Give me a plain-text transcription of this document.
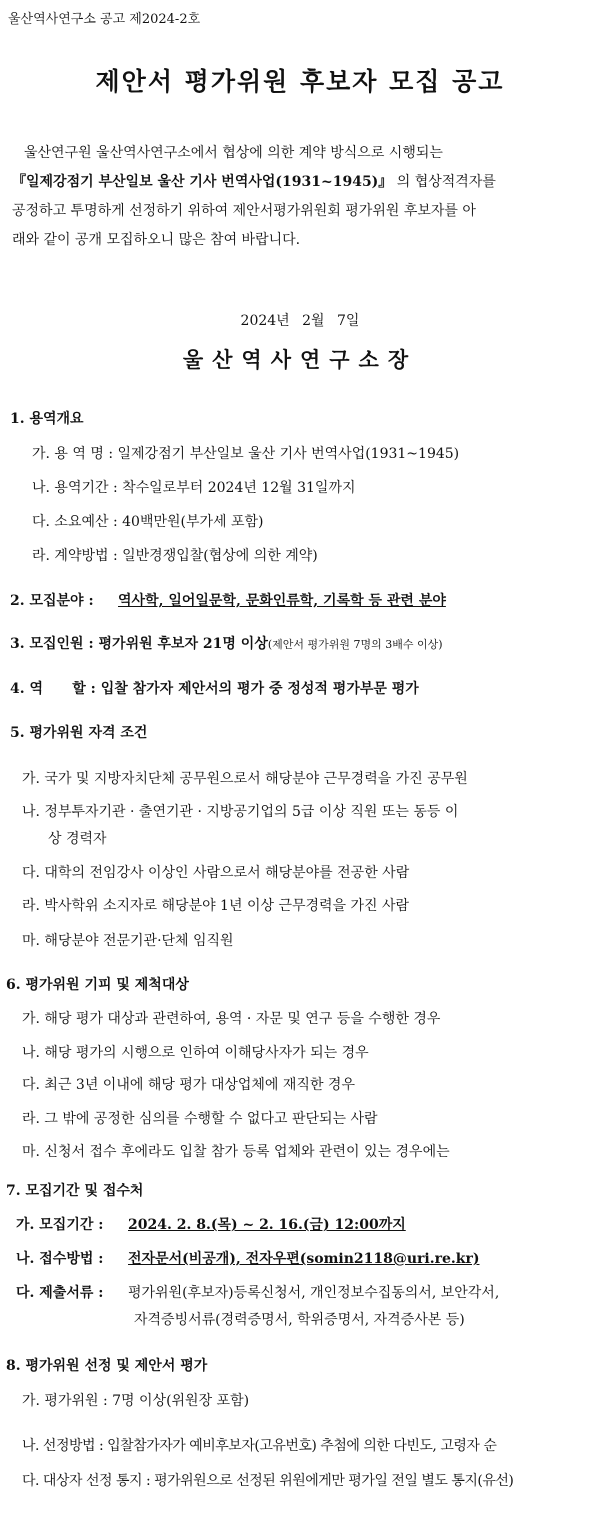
울산역사연구소 공고 제2024-2호
제안서 평가위원 후보자 모집 공고
울산연구원 울산역사연구소에서 협상에 의한 계약 방식으로 시행되는
『일제강점기 부산일보 울산 기사 번역사업(1931~1945)』 의 협상적격자를
공정하고 투명하게 선정하기 위하여 제안서평가위원회 평가위원 후보자를 아
래와 같이 공개 모집하오니 많은 참여 바랍니다.
2024년 2월 7일
울산역사연구소장
1. 용역개요
가. 용 역 명 : 일제강점기 부산일보 울산 기사 번역사업(1931~1945)
나. 용역기간 : 착수일로부터 2024년 12월 31일까지
다. 소요예산 : 40백만원(부가세 포함)
라. 계약방법 : 일반경쟁입찰(협상에 의한 계약)
2. 모집분야 : 역사학, 일어일문학, 문화인류학, 기록학 등 관련 분야
3. 모집인원 : 평가위원 후보자 21명 이상(제안서 평가위원 7명의 3배수 이상)
4. 역      할 : 입찰 참가자 제안서의 평가 중 정성적 평가부문 평가
5. 평가위원 자격 조건
가. 국가 및 지방자치단체 공무원으로서 해당분야 근무경력을 가진 공무원
나. 정부투자기관 · 출연기관 · 지방공기업의 5급 이상 직원 또는 동등 이
상 경력자
다. 대학의 전임강사 이상인 사람으로서 해당분야를 전공한 사람
라. 박사학위 소지자로 해당분야 1년 이상 근무경력을 가진 사람
마. 해당분야 전문기관·단체 임직원
6. 평가위원 기피 및 제척대상
가. 해당 평가 대상과 관련하여, 용역 · 자문 및 연구 등을 수행한 경우
나. 해당 평가의 시행으로 인하여 이해당사자가 되는 경우
다. 최근 3년 이내에 해당 평가 대상업체에 재직한 경우
라. 그 밖에 공정한 심의를 수행할 수 없다고 판단되는 사람
마. 신청서 접수 후에라도 입찰 참가 등록 업체와 관련이 있는 경우에는
7. 모집기간 및 접수처
가. 모집기간 : 2024. 2. 8.(목) ~ 2. 16.(금) 12:00까지
나. 접수방법 : 전자문서(비공개), 전자우편(somin2118@uri.re.kr)
다. 제출서류 : 평가위원(후보자)등록신청서, 개인정보수집동의서, 보안각서,
자격증빙서류(경력증명서, 학위증명서, 자격증사본 등)
8. 평가위원 선정 및 제안서 평가
가. 평가위원 : 7명 이상(위원장 포함)
나. 선정방법 : 입찰참가자가 예비후보자(고유번호) 추첨에 의한 다빈도, 고령자 순
다. 대상자 선정 통지 : 평가위원으로 선정된 위원에게만 평가일 전일 별도 통지(유선)
